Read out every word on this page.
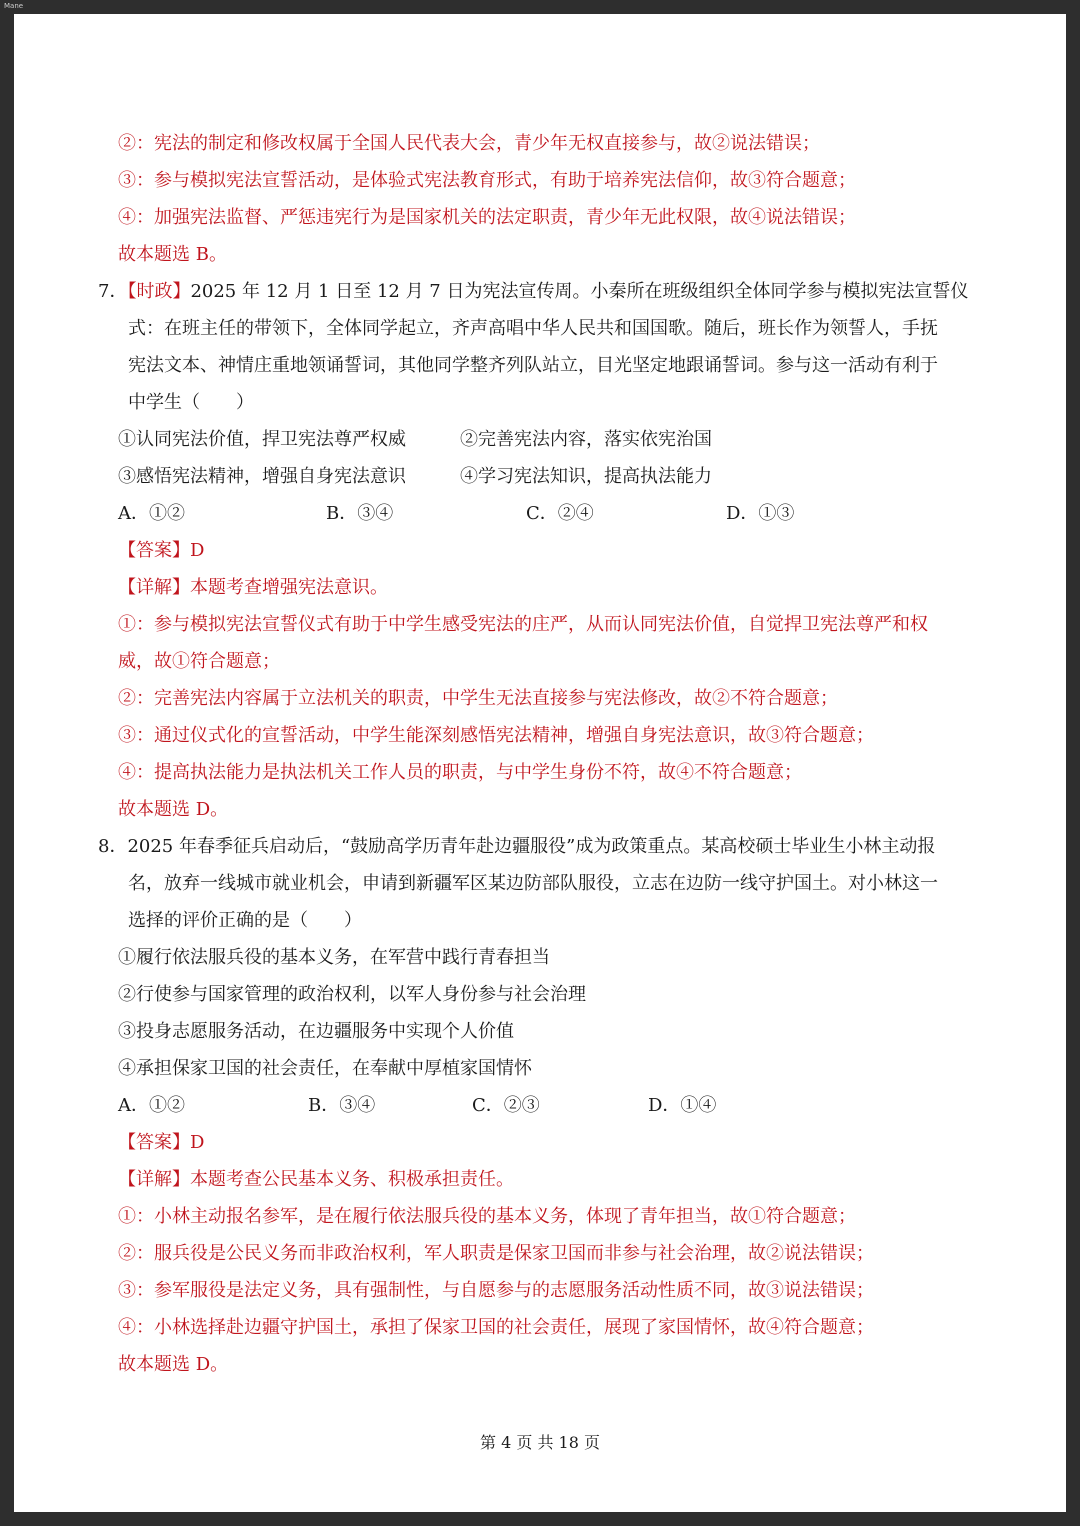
Mane
②：宪法的制定和修改权属于全国人民代表大会，青少年无权直接参与，故②说法错误；
③：参与模拟宪法宣誓活动，是体验式宪法教育形式，有助于培养宪法信仰，故③符合题意；
④：加强宪法监督、严惩违宪行为是国家机关的法定职责，青少年无此权限，故④说法错误；
故本题选 B。
7．【时政】2025 年 12 月 1 日至 12 月 7 日为宪法宣传周。小秦所在班级组织全体同学参与模拟宪法宣誓仪
式：在班主任的带领下，全体同学起立，齐声高唱中华人民共和国国歌。随后，班长作为领誓人，手抚
宪法文本、神情庄重地领诵誓词，其他同学整齐列队站立，目光坚定地跟诵誓词。参与这一活动有利于
中学生（　　）
①认同宪法价值，捍卫宪法尊严权威	②完善宪法内容，落实依宪治国
③感悟宪法精神，增强自身宪法意识	④学习宪法知识，提高执法能力
A．①②	B．③④	C．②④	D．①③
【答案】D
【详解】本题考查增强宪法意识。
①：参与模拟宪法宣誓仪式有助于中学生感受宪法的庄严，从而认同宪法价值，自觉捍卫宪法尊严和权
威，故①符合题意；
②：完善宪法内容属于立法机关的职责，中学生无法直接参与宪法修改，故②不符合题意；
③：通过仪式化的宣誓活动，中学生能深刻感悟宪法精神，增强自身宪法意识，故③符合题意；
④：提高执法能力是执法机关工作人员的职责，与中学生身份不符，故④不符合题意；
故本题选 D。
8．2025 年春季征兵启动后，“鼓励高学历青年赴边疆服役”成为政策重点。某高校硕士毕业生小林主动报
名，放弃一线城市就业机会，申请到新疆军区某边防部队服役，立志在边防一线守护国土。对小林这一
选择的评价正确的是（　　）
①履行依法服兵役的基本义务，在军营中践行青春担当
②行使参与国家管理的政治权利，以军人身份参与社会治理
③投身志愿服务活动，在边疆服务中实现个人价值
④承担保家卫国的社会责任，在奉献中厚植家国情怀
A．①②	B．③④	C．②③	D．①④
【答案】D
【详解】本题考查公民基本义务、积极承担责任。
①：小林主动报名参军，是在履行依法服兵役的基本义务，体现了青年担当，故①符合题意；
②：服兵役是公民义务而非政治权利，军人职责是保家卫国而非参与社会治理，故②说法错误；
③：参军服役是法定义务，具有强制性，与自愿参与的志愿服务活动性质不同，故③说法错误；
④：小林选择赴边疆守护国土，承担了保家卫国的社会责任，展现了家国情怀，故④符合题意；
故本题选 D。
第 4 页 共 18 页
